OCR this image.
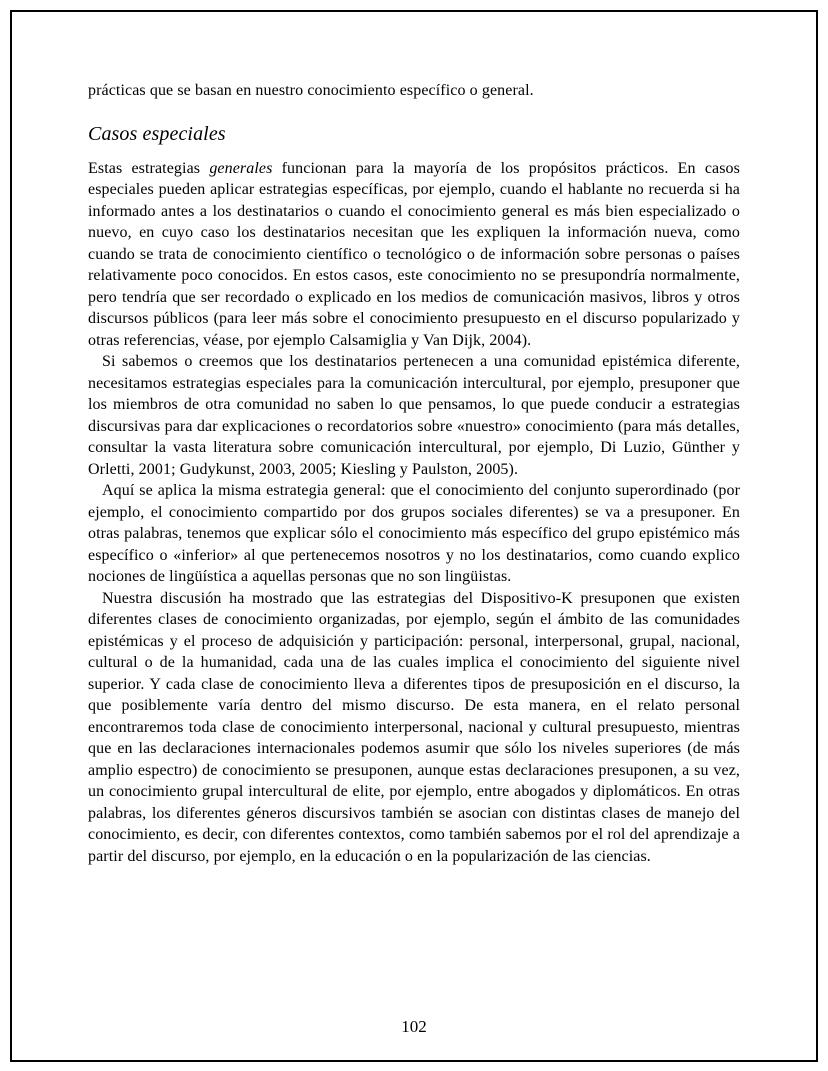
prácticas que se basan en nuestro conocimiento específico o general.

Casos especiales

Estas estrategias generales funcionan para la mayoría de los propósitos prácticos. En casos especiales pueden aplicar estrategias específicas, por ejemplo, cuando el hablante no recuerda si ha informado antes a los destinatarios o cuando el conocimiento general es más bien especializado o nuevo, en cuyo caso los destinatarios necesitan que les expliquen la información nueva, como cuando se trata de conocimiento científico o tecnológico o de información sobre personas o países relativamente poco conocidos. En estos casos, este conocimiento no se presupondría normalmente, pero tendría que ser recordado o explicado en los medios de comunicación masivos, libros y otros discursos públicos (para leer más sobre el conocimiento presupuesto en el discurso popularizado y otras referencias, véase, por ejemplo Calsamiglia y Van Dijk, 2004).

Si sabemos o creemos que los destinatarios pertenecen a una comunidad epistémica diferente, necesitamos estrategias especiales para la comunicación intercultural, por ejemplo, presuponer que los miembros de otra comunidad no saben lo que pensamos, lo que puede conducir a estrategias discursivas para dar explicaciones o recordatorios sobre «nuestro» conocimiento (para más detalles, consultar la vasta literatura sobre comunicación intercultural, por ejemplo, Di Luzio, Günther y Orletti, 2001; Gudykunst, 2003, 2005; Kiesling y Paulston, 2005).

Aquí se aplica la misma estrategia general: que el conocimiento del conjunto superordinado (por ejemplo, el conocimiento compartido por dos grupos sociales diferentes) se va a presuponer. En otras palabras, tenemos que explicar sólo el conocimiento más específico del grupo epistémico más específico o «inferior» al que pertenecemos nosotros y no los destinatarios, como cuando explico nociones de lingüística a aquellas personas que no son lingüistas.

Nuestra discusión ha mostrado que las estrategias del Dispositivo-K presuponen que existen diferentes clases de conocimiento organizadas, por ejemplo, según el ámbito de las comunidades epistémicas y el proceso de adquisición y participación: personal, interpersonal, grupal, nacional, cultural o de la humanidad, cada una de las cuales implica el conocimiento del siguiente nivel superior. Y cada clase de conocimiento lleva a diferentes tipos de presuposición en el discurso, la que posiblemente varía dentro del mismo discurso. De esta manera, en el relato personal encontraremos toda clase de conocimiento interpersonal, nacional y cultural presupuesto, mientras que en las declaraciones internacionales podemos asumir que sólo los niveles superiores (de más amplio espectro) de conocimiento se presuponen, aunque estas declaraciones presuponen, a su vez, un conocimiento grupal intercultural de elite, por ejemplo, entre abogados y diplomáticos. En otras palabras, los diferentes géneros discursivos también se asocian con distintas clases de manejo del conocimiento, es decir, con diferentes contextos, como también sabemos por el rol del aprendizaje a partir del discurso, por ejemplo, en la educación o en la popularización de las ciencias.

102
